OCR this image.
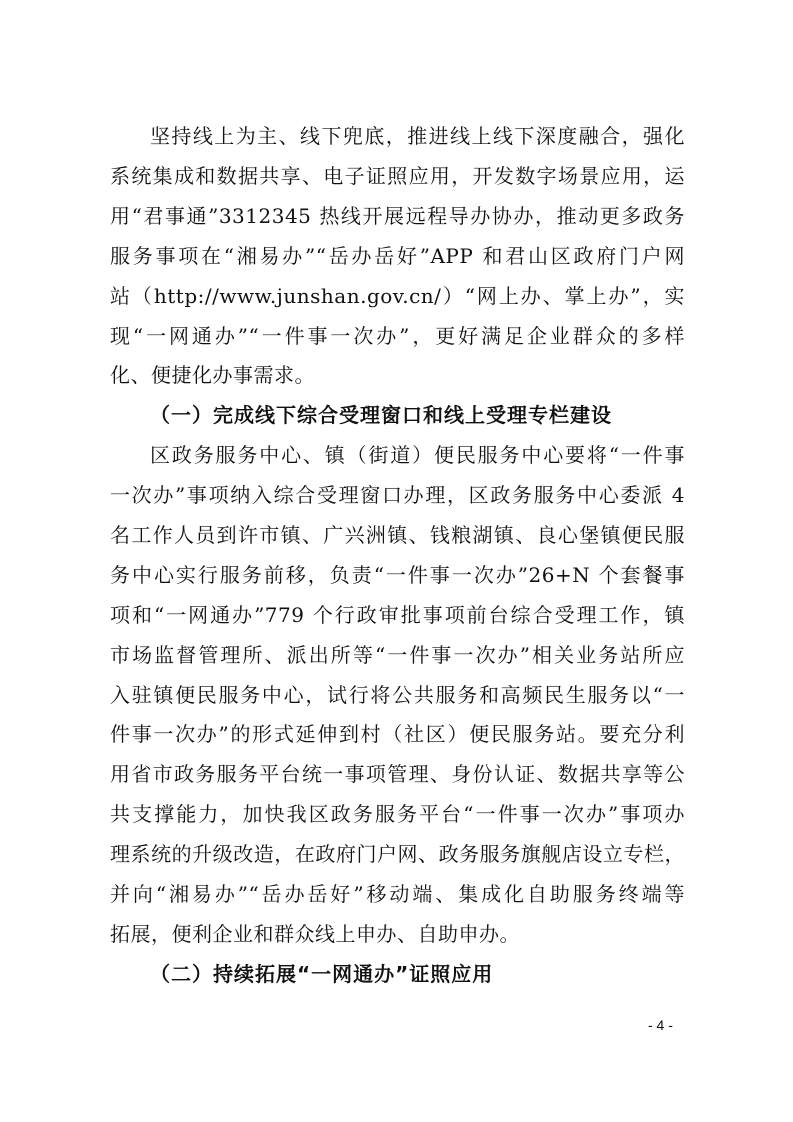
坚持线上为主、线下兜底，推进线上线下深度融合，强化
系统集成和数据共享、电子证照应用，开发数字场景应用，运
用“君事通”3312345 热线开展远程导办协办，推动更多政务
服务事项在“湘易办”“岳办岳好”APP 和君山区政府门户网
站（http://www.junshan.gov.cn/）“网上办、掌上办”，实
现“一网通办”“一件事一次办”，更好满足企业群众的多样
化、便捷化办事需求。
（一）完成线下综合受理窗口和线上受理专栏建设
区政务服务中心、镇（街道）便民服务中心要将“一件事
一次办”事项纳入综合受理窗口办理，区政务服务中心委派 4
名工作人员到许市镇、广兴洲镇、钱粮湖镇、良心堡镇便民服
务中心实行服务前移，负责“一件事一次办”26+N 个套餐事
项和“一网通办”779 个行政审批事项前台综合受理工作，镇
市场监督管理所、派出所等“一件事一次办”相关业务站所应
入驻镇便民服务中心，试行将公共服务和高频民生服务以“一
件事一次办”的形式延伸到村（社区）便民服务站。要充分利
用省市政务服务平台统一事项管理、身份认证、数据共享等公
共支撑能力，加快我区政务服务平台“一件事一次办”事项办
理系统的升级改造，在政府门户网、政务服务旗舰店设立专栏，
并向“湘易办”“岳办岳好”移动端、集成化自助服务终端等
拓展，便利企业和群众线上申办、自助申办。
（二）持续拓展“一网通办”证照应用
- 4 -
